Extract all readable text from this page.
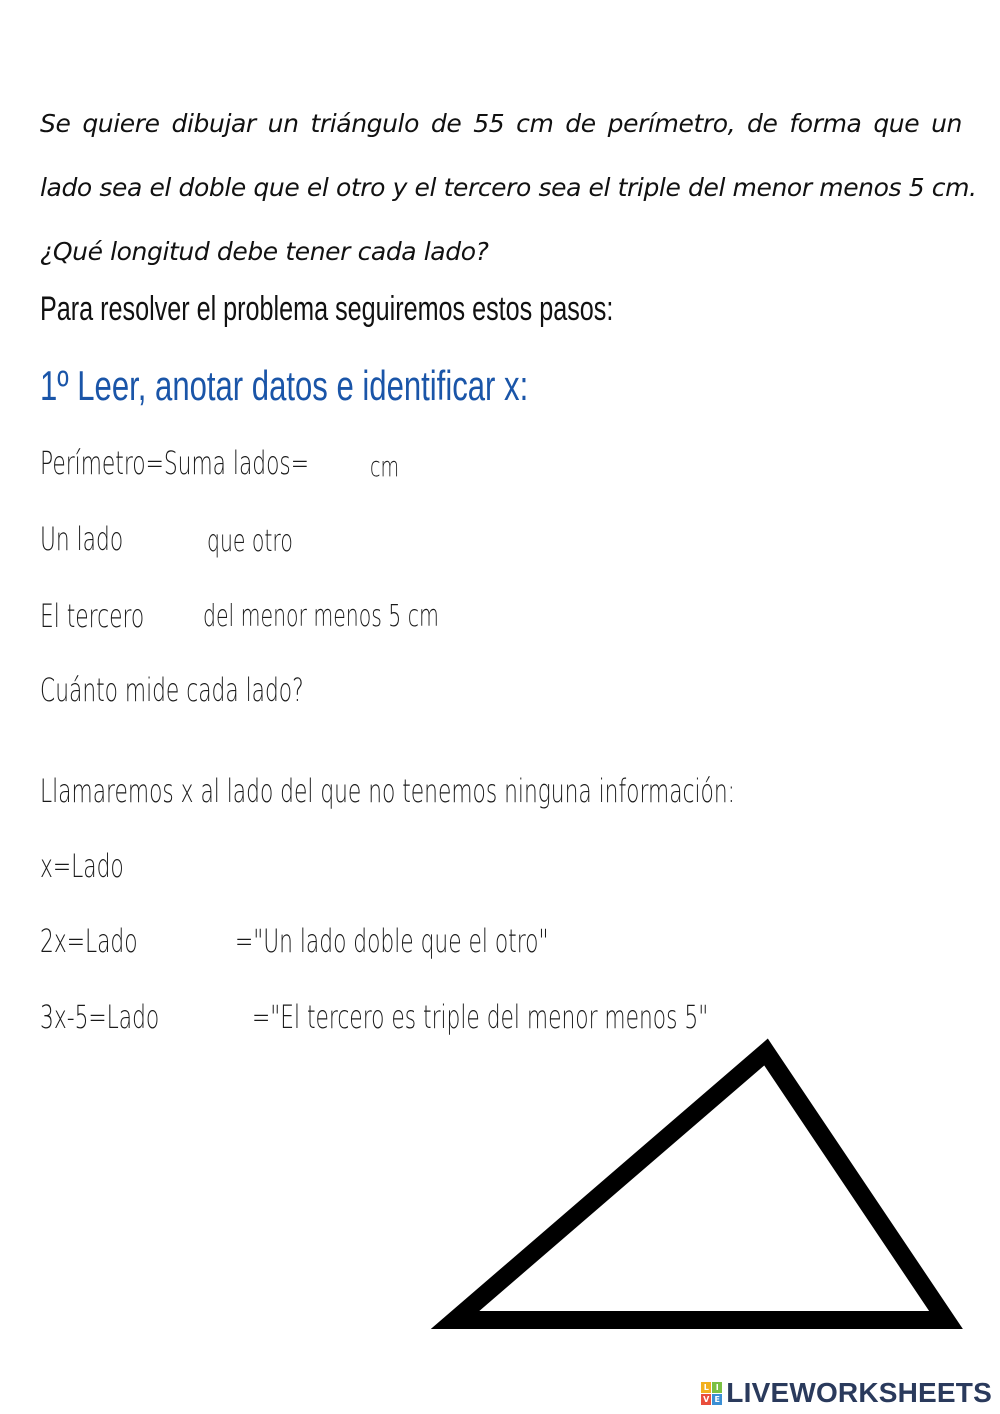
Se quiere dibujar un triángulo de 55 cm de perímetro, de forma que un
lado sea el doble que el otro y el tercero sea el triple del menor menos 5 cm.
¿Qué longitud debe tener cada lado?
Para resolver el problema seguiremos estos pasos:
1º Leer, anotar datos e identificar x:
Perímetro=Suma lados= cm
Un lado	que otro
El tercero del menor menos 5 cm
Cuánto mide cada lado?
Llamaremos x al lado del que no tenemos ninguna información:
x=Lado
2x=Lado	="Un lado doble que el otro"
3x-5=Lado	="El tercero es triple del menor menos 5"
L I
V E LIVEWORKSHEETS
